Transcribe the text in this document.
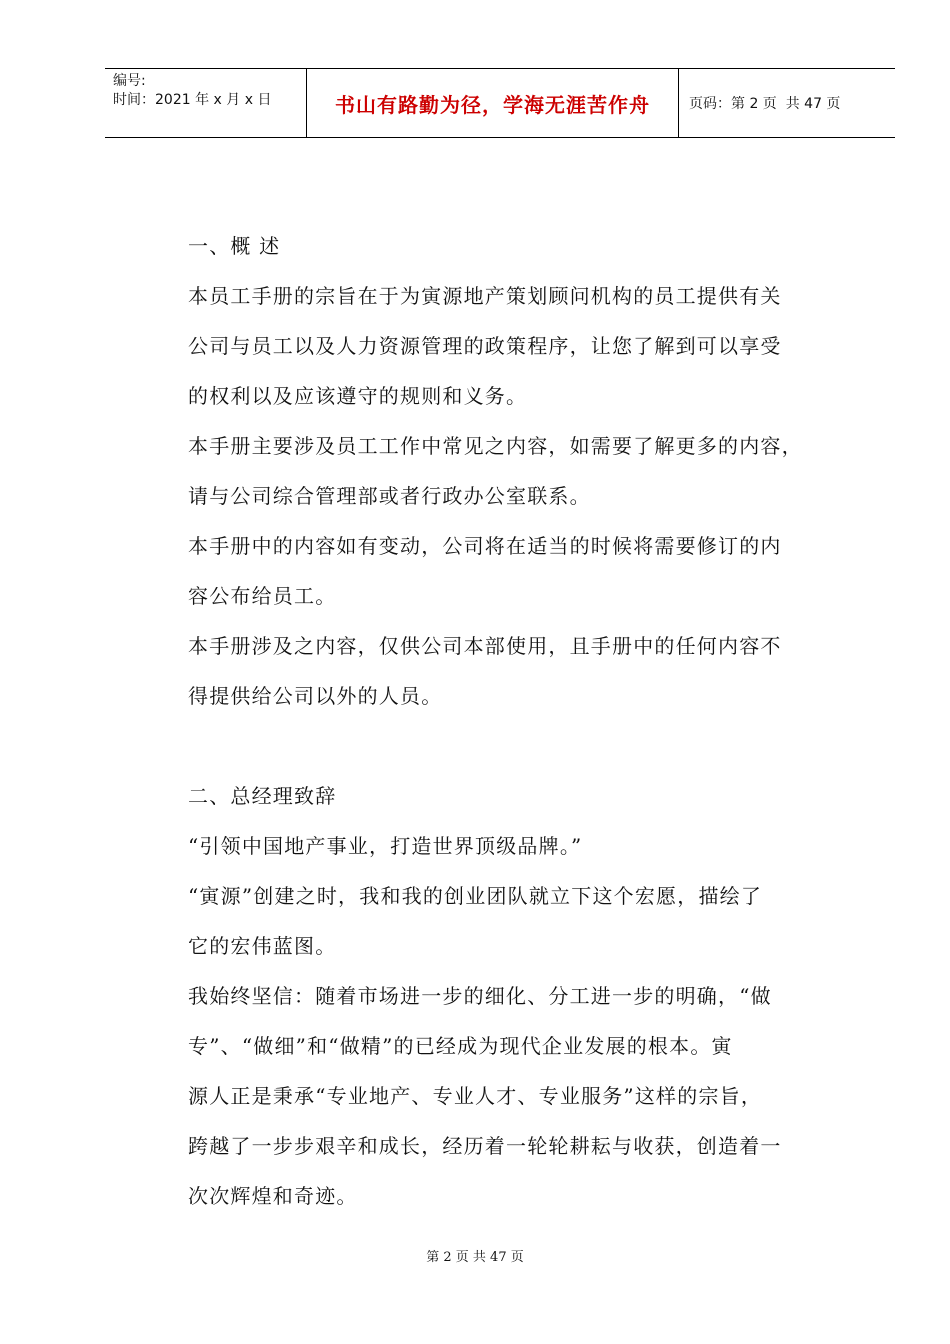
编号:
时间：2021 年 x 月 x 日	书山有路勤为径，学海无涯苦作舟	页码：第 2 页  共 47 页
一、概 述
本员工手册的宗旨在于为寅源地产策划顾问机构的员工提供有关
公司与员工以及人力资源管理的政策程序，让您了解到可以享受
的权利以及应该遵守的规则和义务。
本手册主要涉及员工工作中常见之内容，如需要了解更多的内容，
请与公司综合管理部或者行政办公室联系。
本手册中的内容如有变动，公司将在适当的时候将需要修订的内
容公布给员工。
本手册涉及之内容，仅供公司本部使用，且手册中的任何内容不
得提供给公司以外的人员。
二、总经理致辞
“引领中国地产事业，打造世界顶级品牌。”
“寅源”创建之时，我和我的创业团队就立下这个宏愿，描绘了
它的宏伟蓝图。
我始终坚信：随着市场进一步的细化、分工进一步的明确，“做
专”、“做细”和“做精”的已经成为现代企业发展的根本。寅
源人正是秉承“专业地产、专业人才、专业服务”这样的宗旨，
跨越了一步步艰辛和成长，经历着一轮轮耕耘与收获，创造着一
次次辉煌和奇迹。
第 2 页 共 47 页
